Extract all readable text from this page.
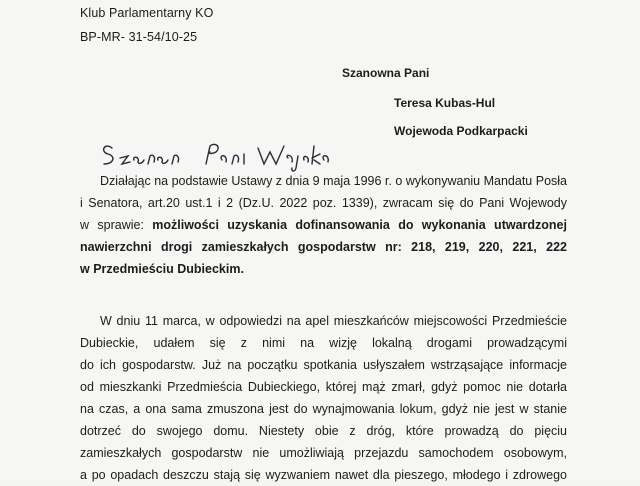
Klub Parlamentarny KO
BP-MR- 31-54/10-25
Szanowna Pani
Teresa Kubas-Hul
Wojewoda Podkarpacki
Działając na podstawie Ustawy z dnia 9 maja 1996 r. o wykonywaniu Mandatu Posła
i Senatora, art.20 ust.1 i 2 (Dz.U. 2022 poz. 1339), zwracam się do Pani Wojewody
w sprawie: możliwości uzyskania dofinansowania do wykonania utwardzonej
nawierzchni drogi zamieszkałych gospodarstw nr: 218, 219, 220, 221, 222
w Przedmieściu Dubieckim.
W dniu 11 marca, w odpowiedzi na apel mieszkańców miejscowości Przedmieście
Dubieckie, udałem się z nimi na wizję lokalną drogami prowadzącymi
do ich gospodarstw. Już na początku spotkania usłyszałem wstrząsające informacje
od mieszkanki Przedmieścia Dubieckiego, której mąż zmarł, gdyż pomoc nie dotarła
na czas, a ona sama zmuszona jest do wynajmowania lokum, gdyż nie jest w stanie
dotrzeć do swojego domu. Niestety obie z dróg, które prowadzą do pięciu
zamieszkałych gospodarstw nie umożliwiają przejazdu samochodem osobowym,
a po opadach deszczu stają się wyzwaniem nawet dla pieszego, młodego i zdrowego
